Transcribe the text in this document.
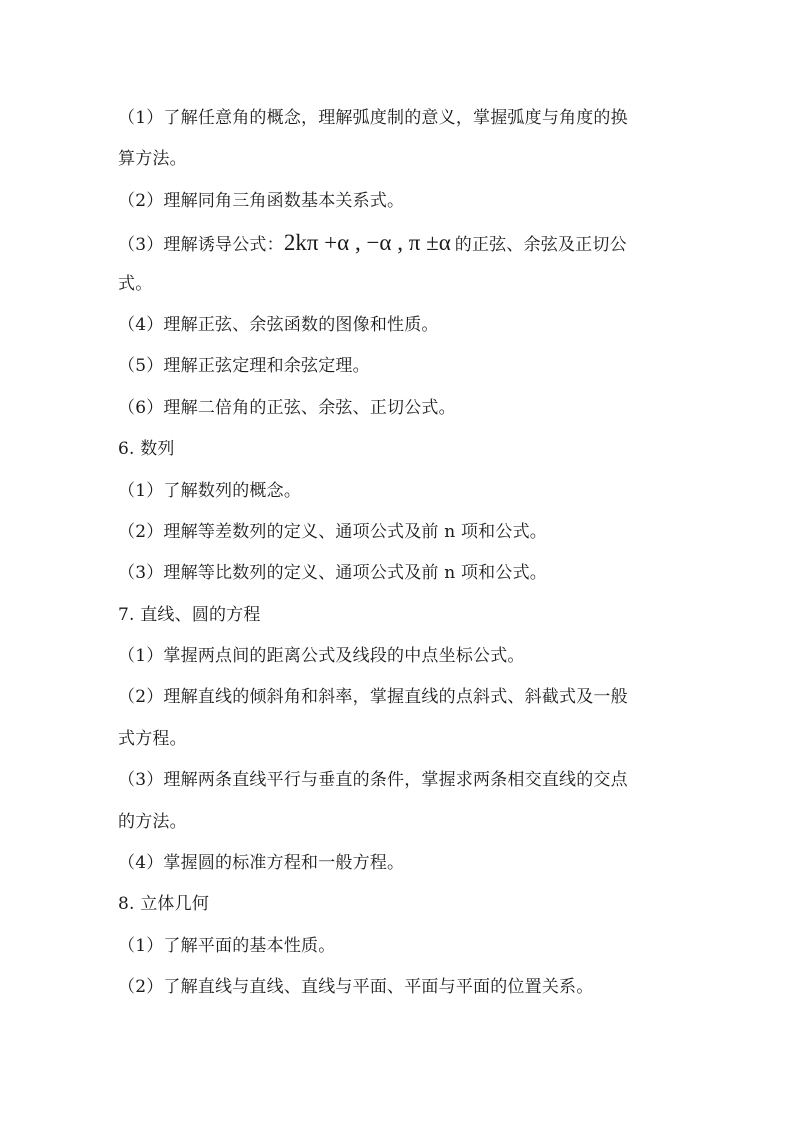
（1）了解任意角的概念，理解弧度制的意义，掌握弧度与角度的换
算方法。
（2）理解同角三角函数基本关系式。
（3）理解诱导公式：2kπ +α , −α , π ±α 的正弦、余弦及正切公
式。
（4）理解正弦、余弦函数的图像和性质。
（5）理解正弦定理和余弦定理。
（6）理解二倍角的正弦、余弦、正切公式。
6. 数列
（1）了解数列的概念。
（2）理解等差数列的定义、通项公式及前 n 项和公式。
（3）理解等比数列的定义、通项公式及前 n 项和公式。
7. 直线、圆的方程
（1）掌握两点间的距离公式及线段的中点坐标公式。
（2）理解直线的倾斜角和斜率，掌握直线的点斜式、斜截式及一般
式方程。
（3）理解两条直线平行与垂直的条件，掌握求两条相交直线的交点
的方法。
（4）掌握圆的标准方程和一般方程。
8. 立体几何
（1）了解平面的基本性质。
（2）了解直线与直线、直线与平面、平面与平面的位置关系。
